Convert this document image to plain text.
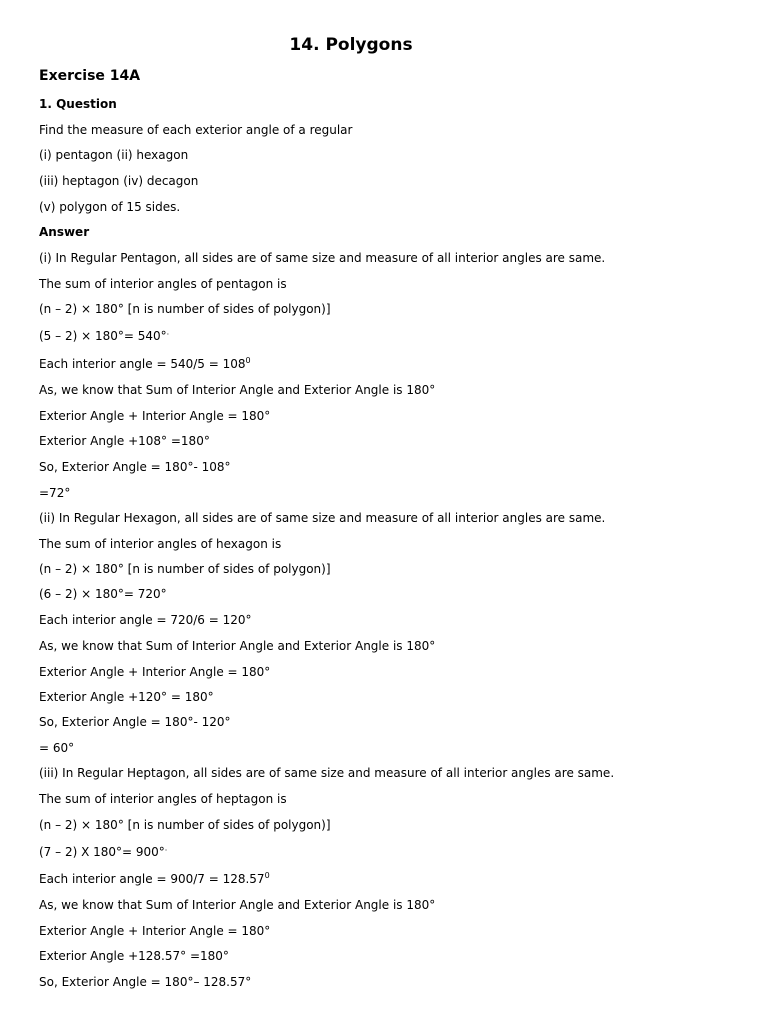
14. Polygons
Exercise 14A
1. Question
Find the measure of each exterior angle of a regular
(i) pentagon (ii) hexagon
(iii) heptagon (iv) decagon
(v) polygon of 15 sides.
Answer
(i) In Regular Pentagon, all sides are of same size and measure of all interior angles are same.
The sum of interior angles of pentagon is
(n – 2) × 180° [n is number of sides of polygon)]
(5 – 2) × 180°= 540°·
Each interior angle = $540/5 = 108^0$
As, we know that Sum of Interior Angle and Exterior Angle is 180°
Exterior Angle + Interior Angle = 180°
Exterior Angle +108° =180°
So, Exterior Angle = 180°- 108°
=72°
(ii) In Regular Hexagon, all sides are of same size and measure of all interior angles are same.
The sum of interior angles of hexagon is
(n – 2) × 180° [n is number of sides of polygon)]
(6 – 2) × 180°= 720°
Each interior angle = 720/6 = 120°
As, we know that Sum of Interior Angle and Exterior Angle is 180°
Exterior Angle + Interior Angle = 180°
Exterior Angle +120° = 180°
So, Exterior Angle = 180°- 120°
= 60°
(iii) In Regular Heptagon, all sides are of same size and measure of all interior angles are same.
The sum of interior angles of heptagon is
(n – 2) × 180° [n is number of sides of polygon)]
(7 – 2) X 180°= 900°·
Each interior angle = $900/7 = 128.57^0$
As, we know that Sum of Interior Angle and Exterior Angle is 180°
Exterior Angle + Interior Angle = 180°
Exterior Angle +128.57° =180°
So, Exterior Angle = 180°– 128.57°
